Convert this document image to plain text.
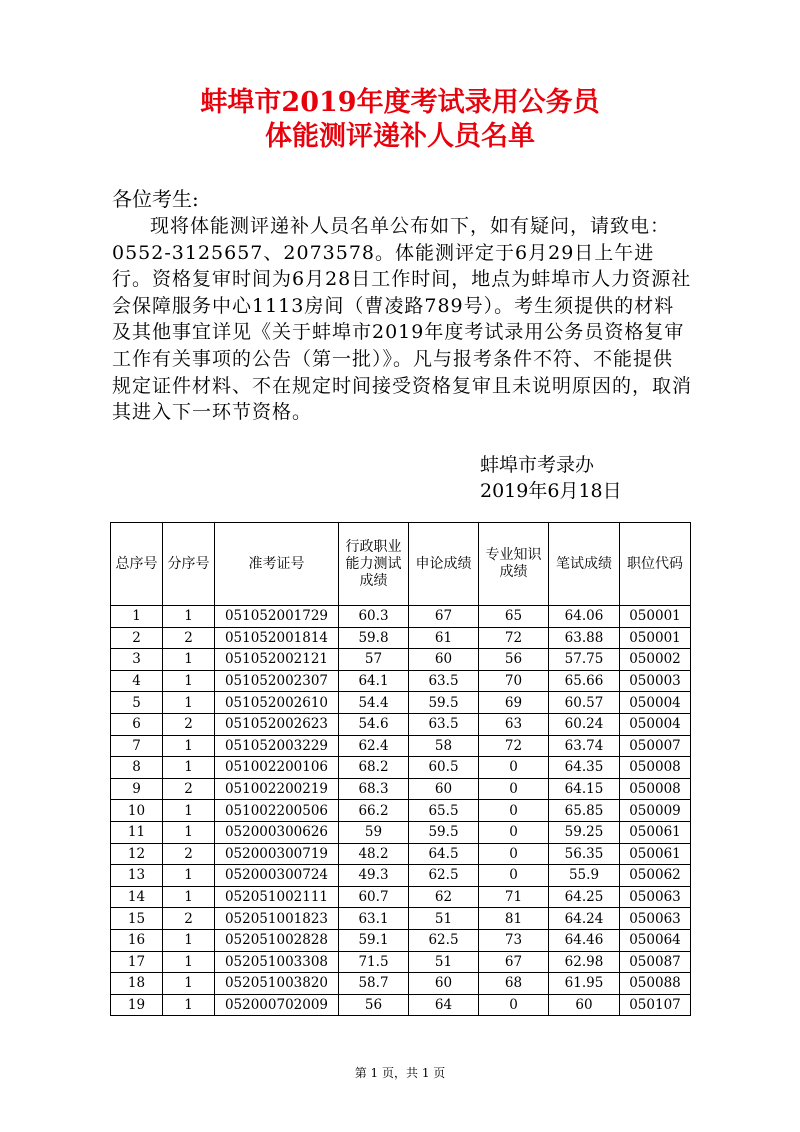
蚌埠市2019年度考试录用公务员
体能测评递补人员名单
各位考生:

现将体能测评递补人员名单公布如下，如有疑问，请致电：0552-3125657、2073578。体能测评定于6月29日上午进行。资格复审时间为6月28日工作时间，地点为蚌埠市人力资源社会保障服务中心1113房间（曹凌路789号）。考生须提供的材料及其他事宜详见《关于蚌埠市2019年度考试录用公务员资格复审工作有关事项的公告（第一批）》。凡与报考条件不符、不能提供规定证件材料、不在规定时间接受资格复审且未说明原因的，取消其进入下一环节资格。

蚌埠市考录办
2019年6月18日
总序号	分序号	准考证号	行政职业能力测试成绩	申论成绩	专业知识成绩	笔试成绩	职位代码
1	1	051052001729	60.3	67	65	64.06	050001
2	2	051052001814	59.8	61	72	63.88	050001
3	1	051052002121	57	60	56	57.75	050002
4	1	051052002307	64.1	63.5	70	65.66	050003
5	1	051052002610	54.4	59.5	69	60.57	050004
6	2	051052002623	54.6	63.5	63	60.24	050004
7	1	051052003229	62.4	58	72	63.74	050007
8	1	051002200106	68.2	60.5	0	64.35	050008
9	2	051002200219	68.3	60	0	64.15	050008
10	1	051002200506	66.2	65.5	0	65.85	050009
11	1	052000300626	59	59.5	0	59.25	050061
12	2	052000300719	48.2	64.5	0	56.35	050061
13	1	052000300724	49.3	62.5	0	55.9	050062
14	1	052051002111	60.7	62	71	64.25	050063
15	2	052051001823	63.1	51	81	64.24	050063
16	1	052051002828	59.1	62.5	73	64.46	050064
17	1	052051003308	71.5	51	67	62.98	050087
18	1	052051003820	58.7	60	68	61.95	050088
19	1	052000702009	56	64	0	60	050107
第 1 页，共 1 页
